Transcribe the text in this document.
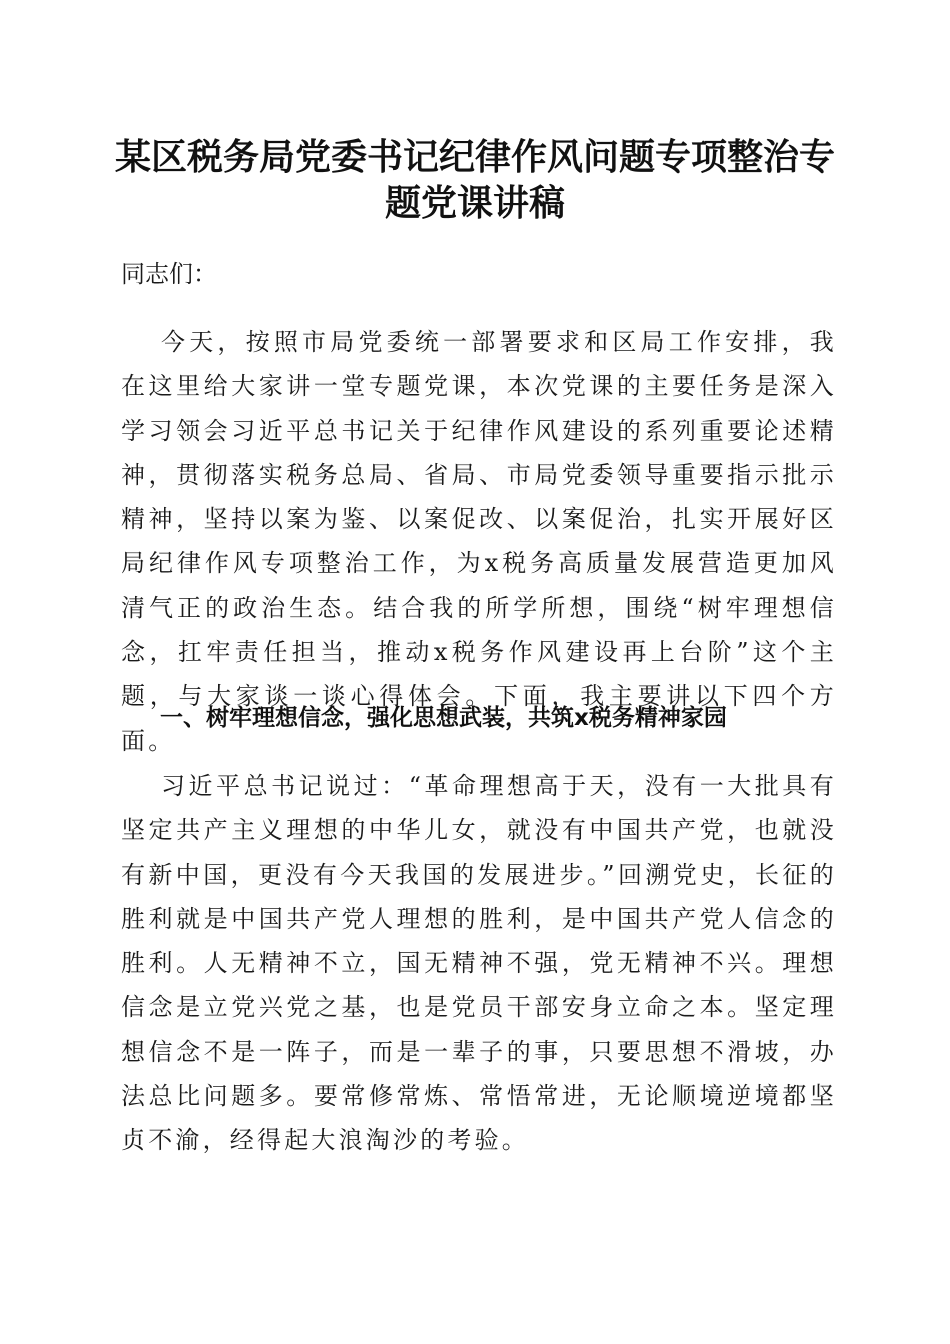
某区税务局党委书记纪律作风问题专项整治专题党课讲稿

同志们：

今天，按照市局党委统一部署要求和区局工作安排，我在这里给大家讲一堂专题党课，本次党课的主要任务是深入学习领会习近平总书记关于纪律作风建设的系列重要论述精神，贯彻落实税务总局、省局、市局党委领导重要指示批示精神，坚持以案为鉴、以案促改、以案促治，扎实开展好区局纪律作风专项整治工作，为x税务高质量发展营造更加风清气正的政治生态。结合我的所学所想，围绕“树牢理想信念，扛牢责任担当，推动x税务作风建设再上台阶”这个主题，与大家谈一谈心得体会。下面，我主要讲以下四个方面。

一、树牢理想信念，强化思想武装，共筑x税务精神家园

习近平总书记说过：“革命理想高于天，没有一大批具有坚定共产主义理想的中华儿女，就没有中国共产党，也就没有新中国，更没有今天我国的发展进步。”回溯党史，长征的胜利就是中国共产党人理想的胜利，是中国共产党人信念的胜利。人无精神不立，国无精神不强，党无精神不兴。理想信念是立党兴党之基，也是党员干部安身立命之本。坚定理想信念不是一阵子，而是一辈子的事，只要思想不滑坡，办法总比问题多。要常修常炼、常悟常进，无论顺境逆境都坚贞不渝，经得起大浪淘沙的考验。
